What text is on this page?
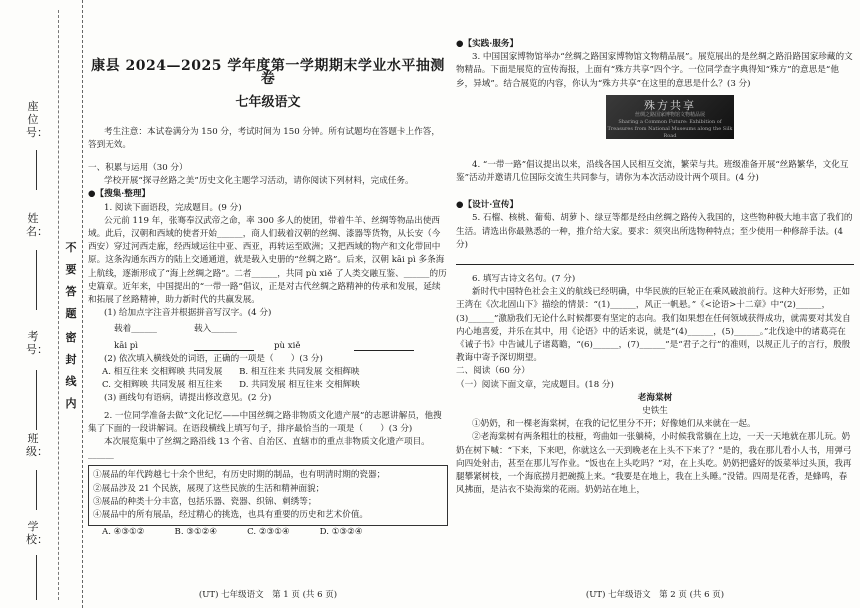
座位号：
姓名：
考号：
班级：
学校：
不
要
答
题
密
封
线
内
康县 2024—2025 学年度第一学期期末学业水平抽测卷
七年级语文

考生注意：本试卷满分为 150 分，考试时间为 150 分钟。所有试题均在答题卡上作答，答到无效。

一、积累与运用（30 分）

学校开展“探寻丝路之美”历史文化主题学习活动，请你阅读下列材料，完成任务。

●【搜集·整理】

1. 阅读下面语段，完成题目。(9 分)

公元前 119 年，张骞奉汉武帝之命，率 300 多人的使团，带着牛羊、丝绸等物品出使西域。此后，汉朝和西域的使者开始______，商人们载着汉朝的丝绸、漆器等货物，从长安（今西安）穿过河西走廊，经西域运往中亚、西亚，再转运至欧洲；又把西域的物产和文化带回中原。这条沟通东西方的陆上交通通道，就是载入史册的“丝绸之路”。后来，汉朝 kāi pì 多条海上航线，逐渐形成了“海上丝绸之路”。二者______，共同 pù xiě 了人类交融互鉴、______的历史篇章。近年来，中国提出的“一带一路”倡议，正是对古代丝绸之路精神的传承和发展，延续和拓展了丝路精神，助力新时代的共赢发展。

(1) 给加点字注音并根据拼音写汉字。(4 分)

载着______	载入______
kāi pì	pù xiě

(2) 依次填入横线处的词语，正确的一项是（　　）(3 分)

A. 相互往来 交相辉映 共同发展 B. 相互往来 共同发展 交相辉映
C. 交相辉映 共同发展 相互往来 D. 共同发展 相互往来 交相辉映

(3) 画线句有语病，请提出修改意见。(2 分)

2. 一位同学准备去做“文化记忆——中国丝绸之路非物质文化遗产展”的志愿讲解员，他搜集了下面的一段讲解词。在语段横线上填写句子，排序最恰当的一项是（　　）(3 分)

本次展览集中了丝绸之路沿线 13 个省、自治区、直辖市的重点非物质文化遗产项目。______

①展品的年代跨越七十余个世纪，有历史时期的制品，也有明清时期的瓷器；

②展品涉及 21 个民族，展现了这些民族的生活和精神面貌；

③展品的种类十分丰富，包括乐器、瓷器、织锦、刺绣等；

④展品中的所有展品，经过精心的挑选，也具有重要的历史和艺术价值。

A. ④③①②	B. ③①②④	C. ②③①④	D. ①③②④
(UT) 七年级语文　第 1 页 (共 6 页)

●【实践·服务】

3. 中国国家博物馆举办“丝绸之路国家博物馆文物精品展”。展览展出的是丝绸之路沿路国家珍藏的文物精品。下面是展览的宣传海报，上面有“殊方共享”四个字。一位同学查字典得知“殊方”的意思是“他乡，异域”。结合展览的内容，你认为“殊方共享”在这里的意思是什么？(3 分)

殊方共享
丝绸之路国家博物馆文物精品展
Sharing a Common Future: Exhibition of Treasures from National Museums along the Silk Road

4. “一带一路”倡议提出以来，沿线各国人民相互交流，繁荣与共。班级准备开展“丝路繁华，文化互鉴”活动并邀请几位国际交流生共同参与，请你为本次活动设计两个项目。(4 分)

●【设计·宣传】

5. 石榴、核桃、葡萄、胡萝卜、绿豆等都是经由丝绸之路传入我国的，这些物种极大地丰富了我们的生活。请选出你最熟悉的一种，推介给大家。要求：须突出所选物种特点；至少使用一种修辞手法。(4 分)

6. 填写古诗文名句。(7 分)

新时代中国特色社会主义的航线已经明确，中华民族的巨轮正在乘风破浪前行。这种大好形势，正如王湾在《次北固山下》描绘的情景：“(1)______，风正一帆悬。”《<论语>十二章》中“(2)______，(3)______”激励我们无论什么时候都要有坚定的志向。我们如果想在任何领域获得成功，就需要对其发自内心地喜爱，并乐在其中，用《论语》中的话来说，就是“(4)______，(5)______。”北伐途中的诸葛亮在《诫子书》中告诫儿子诸葛瞻，“(6)______，(7)______”是“君子之行”的准则，以规正儿子的言行，殷殷教诲中寄予深切期望。

二、阅读（60 分）

（一）阅读下面文章，完成题目。(18 分)

老海棠树

史铁生

①奶奶，和一棵老海棠树，在我的记忆里分不开；好像她们从来就在一起。

②老海棠树有两条粗壮的枝桠，弯曲如一张躺椅，小时候我常躺在上边，一天一天地就在那儿玩。奶奶在树下喊：“下来，下来吧，你就这么一天到晚老在上头不下来了？”是的，我在那儿看小人书，用弹弓向四处射击，甚至在那儿写作业。“饭也在上头吃吗？”对，在上头吃。奶奶把盛好的饭菜举过头顶，我再腿攀紧树枝，一个海底捞月把碗揽上来。“我要是在地上，我在上头睡。”没错。四周是花香，是蜂鸣，春风拂面，是沾衣不染海棠的花雨。奶奶站在地上，

(UT) 七年级语文　第 2 页 (共 6 页)
